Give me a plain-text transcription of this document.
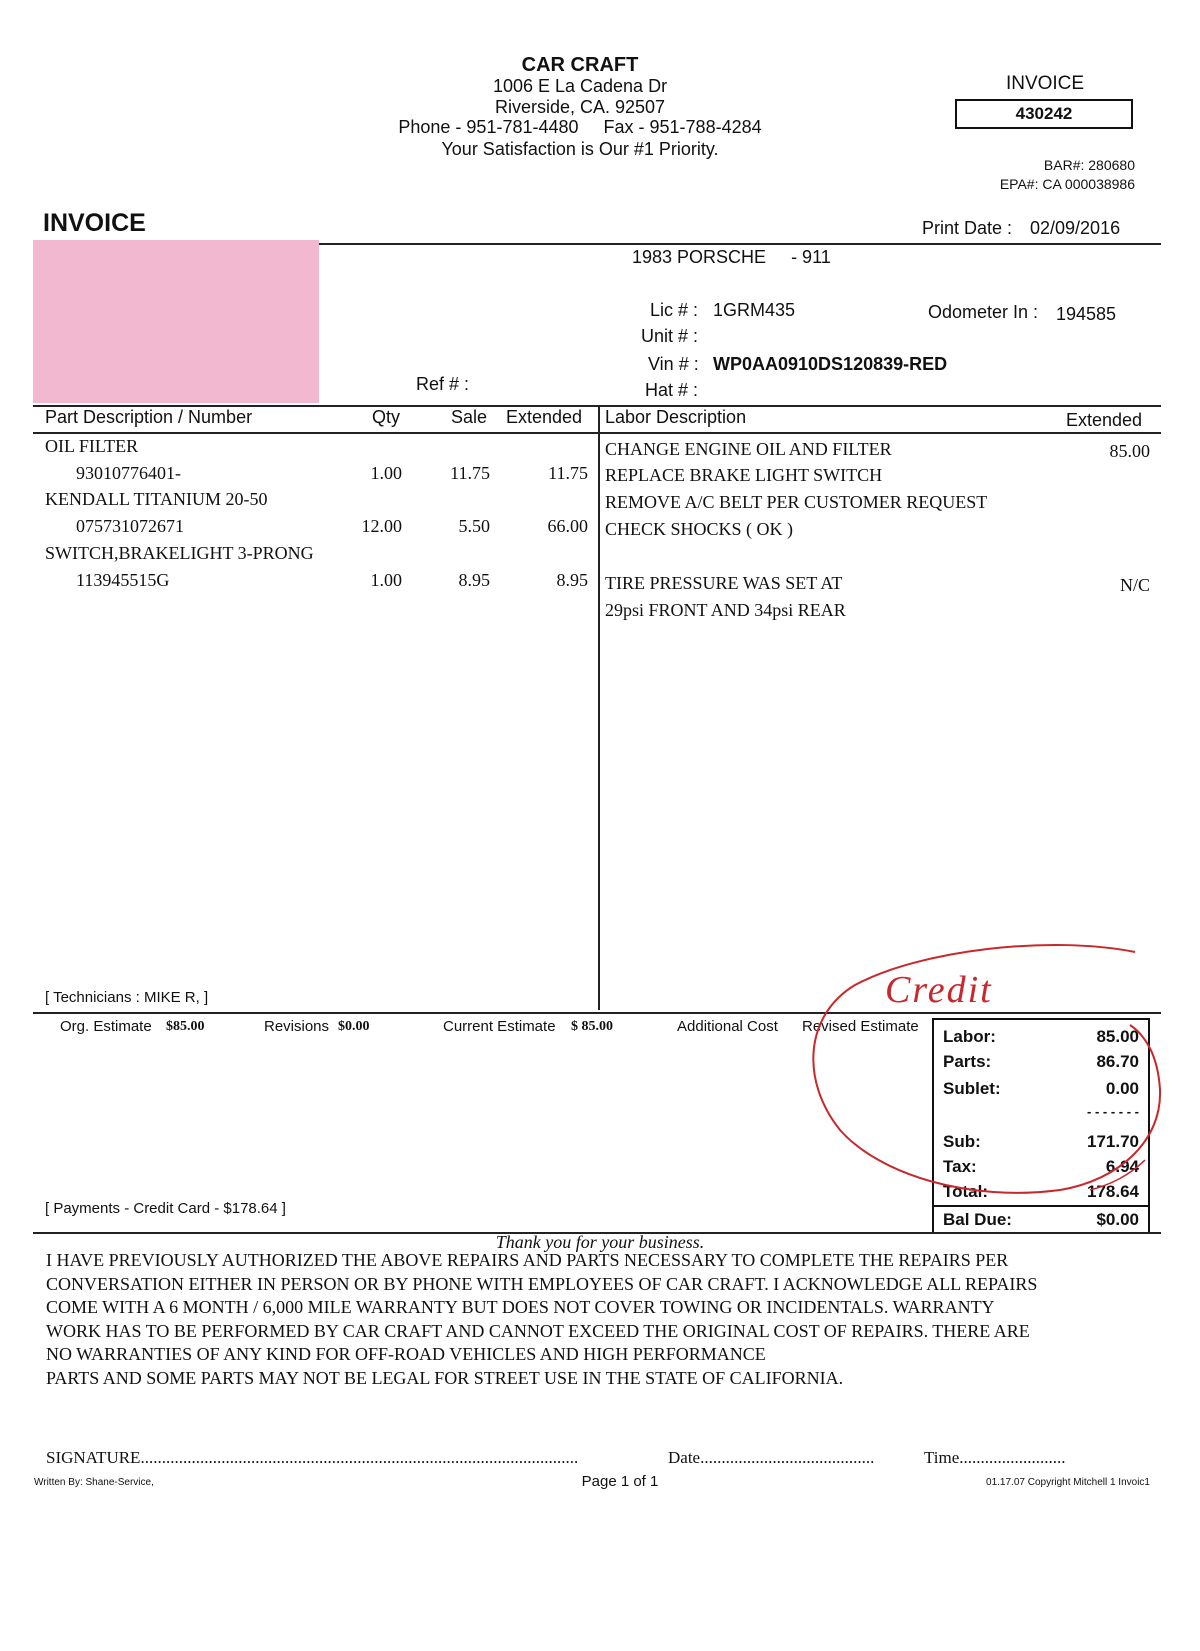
CAR CRAFT
1006 E La Cadena Dr
Riverside, CA. 92507
Phone - 951-781-4480     Fax - 951-788-4284
Your Satisfaction is Our #1 Priority.
INVOICE
430242
BAR#: 280680
EPA#: CA 000038986
INVOICE	Print Date : 02/09/2016
1983 PORSCHE     - 911
Lic # : 1GRM435	Odometer In : 194585
Unit # :
Vin # : WP0AA0910DS120839-RED
Ref # :	Hat # :
Part Description / Number	Qty	Sale Extended Labor Description	Extended
OIL FILTER
93010776401-	1.00	11.75	11.75
KENDALL TITANIUM 20-50
075731072671	12.00	5.50	66.00
SWITCH,BRAKELIGHT 3-PRONG
113945515G	1.00	8.95	8.95
CHANGE ENGINE OIL AND FILTER	85.00
REPLACE BRAKE LIGHT SWITCH
REMOVE A/C BELT PER CUSTOMER REQUEST
CHECK SHOCKS ( OK )
TIRE PRESSURE WAS SET AT	N/C
29psi FRONT AND 34psi REAR
[ Technicians : MIKE R, ]
Org. Estimate $85.00	Revisions $0.00	Current Estimate $ 85.00	Additional Cost Revised Estimate
Labor:	85.00
Parts:	86.70
Sublet:	0.00
- - - - - - -
Sub:	171.70
Tax:	6.94
Total:	178.64
Bal Due:	$0.00
Credit
[ Payments - Credit Card - $178.64 ]
Thank you for your business.
I HAVE PREVIOUSLY AUTHORIZED THE ABOVE REPAIRS AND PARTS NECESSARY TO COMPLETE THE REPAIRS PER
CONVERSATION EITHER IN PERSON OR BY PHONE WITH EMPLOYEES OF CAR CRAFT. I ACKNOWLEDGE ALL REPAIRS
COME WITH A 6 MONTH / 6,000 MILE WARRANTY BUT DOES NOT COVER TOWING OR INCIDENTALS. WARRANTY
WORK HAS TO BE PERFORMED BY CAR CRAFT AND CANNOT EXCEED THE ORIGINAL COST OF REPAIRS. THERE ARE
NO WARRANTIES OF ANY KIND FOR OFF-ROAD VEHICLES AND HIGH PERFORMANCE
PARTS AND SOME PARTS MAY NOT BE LEGAL FOR STREET USE IN THE STATE OF CALIFORNIA.
SIGNATURE.......................................................................................................	Date.........................................	Time.........................
Written By: Shane-Service,	Page 1 of 1	01.17.07 Copyright Mitchell 1 Invoic1
